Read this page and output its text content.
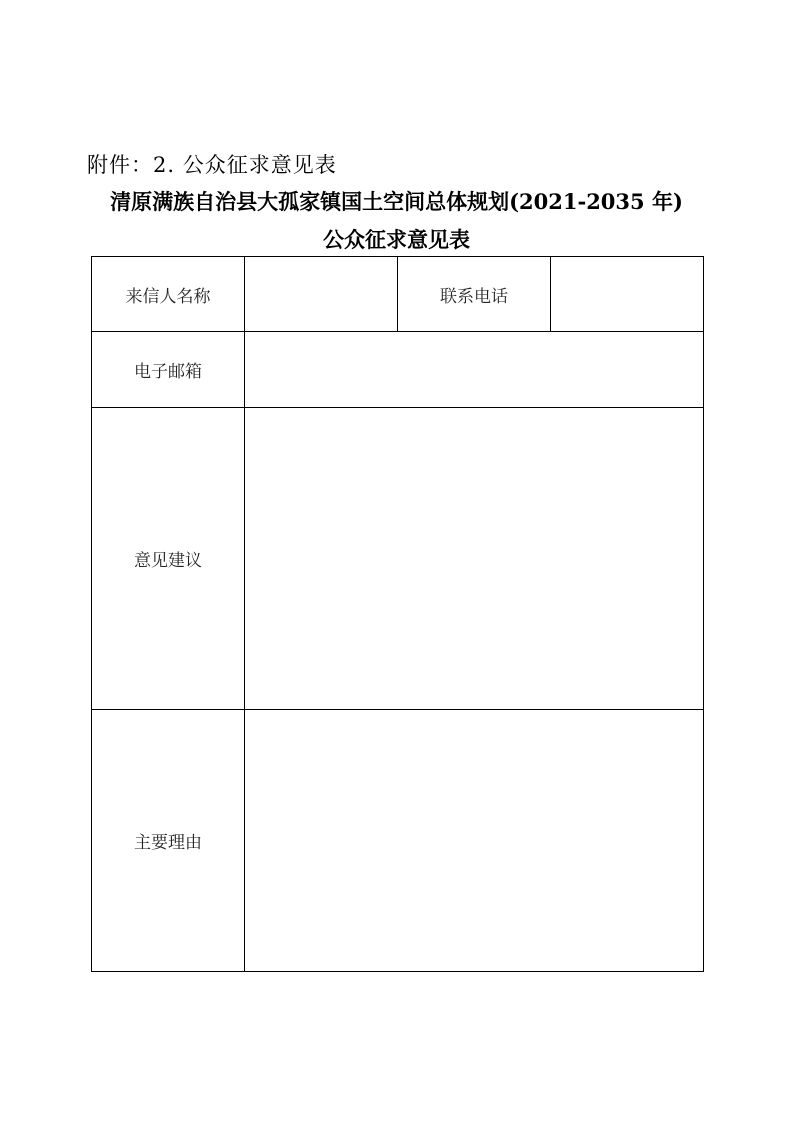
附件：2. 公众征求意见表
清原满族自治县大孤家镇国土空间总体规划(2021-2035 年)
公众征求意见表
来信人名称		联系电话	
电子邮箱			
意见建议			
主要理由			
